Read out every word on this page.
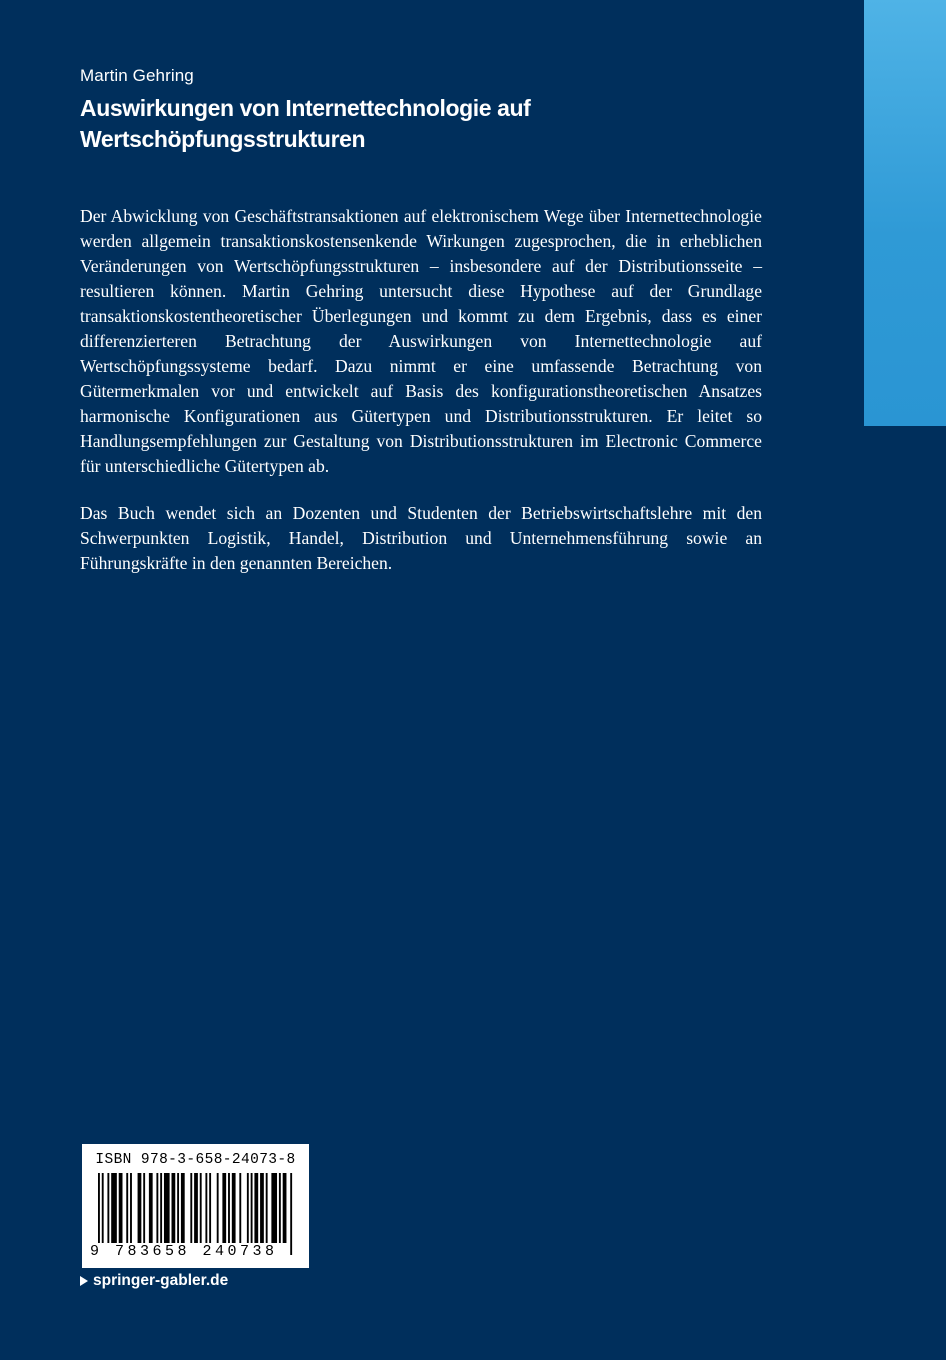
Martin Gehring
Auswirkungen von Internettechnologie auf
Wertschöpfungsstrukturen

Der Abwicklung von Geschäftstransaktionen auf elektronischem Wege über Internettechnologie werden allgemein transaktionskostensenkende Wirkungen zugesprochen, die in erheblichen Veränderungen von Wertschöpfungsstrukturen – insbesondere auf der Distributionsseite – resultieren können. Martin Gehring untersucht diese Hypothese auf der Grundlage transaktionskostentheoretischer Überlegungen und kommt zu dem Ergebnis, dass es einer differenzierteren Betrachtung der Auswirkungen von Internettechnologie auf Wertschöpfungssysteme bedarf. Dazu nimmt er eine umfassende Betrachtung von Gütermerkmalen vor und entwickelt auf Basis des konfigurationstheoretischen Ansatzes harmonische Konfigurationen aus Gütertypen und Distributionsstrukturen. Er leitet so Handlungsempfehlungen zur Gestaltung von Distributionsstrukturen im Electronic Commerce für unterschiedliche Gütertypen ab.

Das Buch wendet sich an Dozenten und Studenten der Betriebswirtschaftslehre mit den Schwerpunkten Logistik, Handel, Distribution und Unternehmensführung sowie an Führungskräfte in den genannten Bereichen.

ISBN 978-3-658-24073-8
9 783658 240738
springer-gabler.de
